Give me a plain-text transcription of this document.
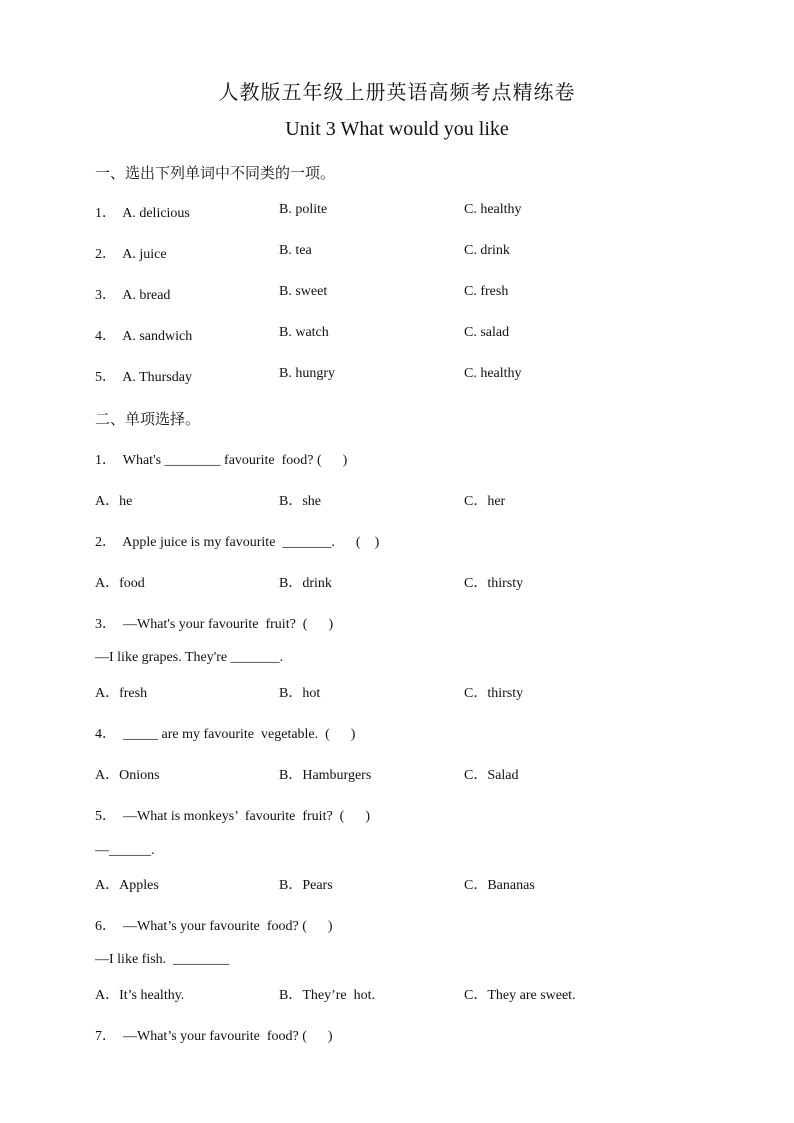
人教版五年级上册英语高频考点精练卷
Unit 3 What would you like
一、选出下列单词中不同类的一项。
1．  A. delicious	B. polite	C. healthy
2．  A. juice	B. tea	C. drink
3．  A. bread	B. sweet	C. fresh
4．  A. sandwich	B. watch	C. salad
5．  A. Thursday	B. hungry	C. healthy
二、单项选择。
1．  What's ________ favourite  food? (      )
A．he	B．she	C．her
2．  Apple juice is my favourite  _______.      (    )
A．food	B．drink	C．thirsty
3．  —What's your favourite  fruit?  (      )
—I like grapes. They're _______.
A．fresh	B．hot	C．thirsty
4．  _____ are my favourite  vegetable.  (      )
A．Onions	B．Hamburgers	C．Salad
5．  —What is monkeys’  favourite  fruit?  (      )
—______.
A．Apples	B．Pears	C．Bananas
6．  —What’s your favourite  food? (      )
—I like fish.  ________
A．It’s healthy.	B．They’re  hot.	C．They are sweet.
7．  —What’s your favourite  food? (      )
